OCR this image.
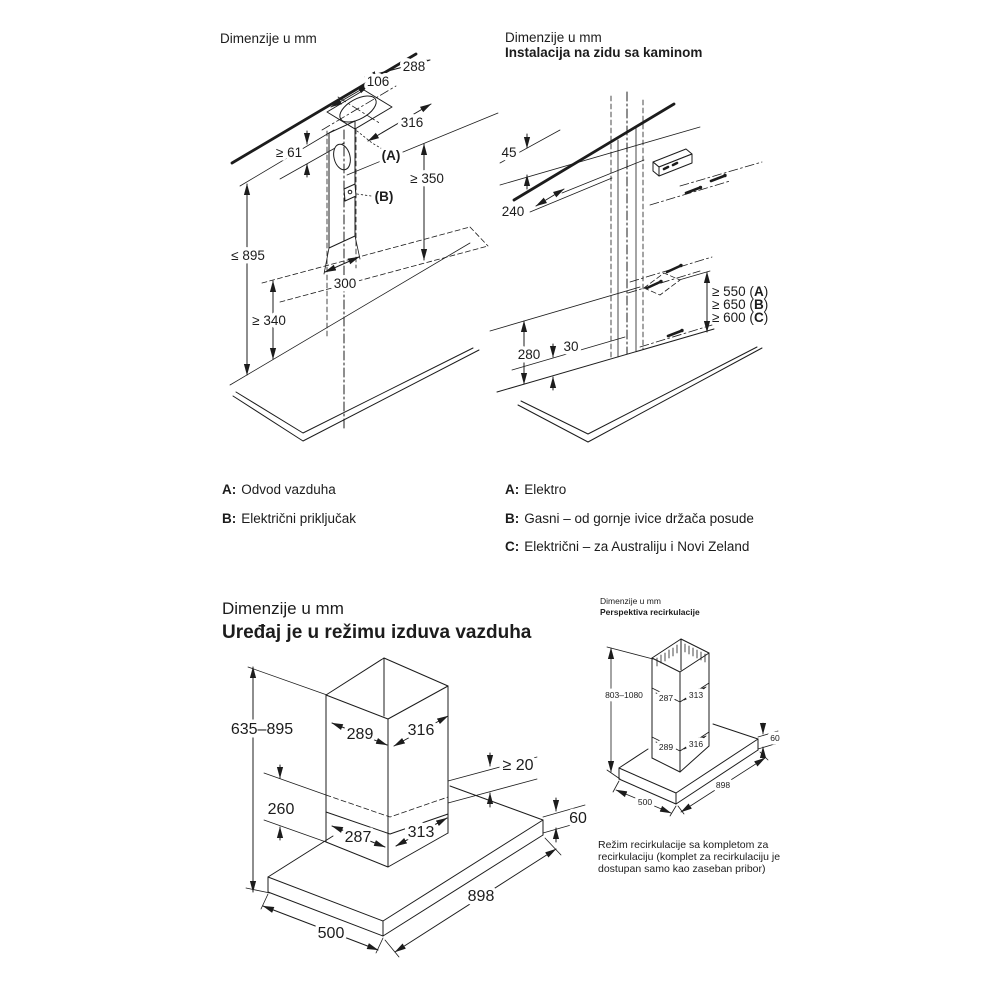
Dimenzije u mm
288
106
316
≥ 61	(A)
(B)
≥ 350
≤ 895
≥ 340
300
Dimenzije u mm
Instalacija na zidu sa kaminom
45
240
280
30
≥ 550 (A)
≥ 650 (B)
≥ 600 (C)
A: Odvod vazduha
B: Električni priključak
A: Elektro
B: Gasni – od gornje ivice držača posude
C: Električni – za Australiju i Novi Zeland
Dimenzije u mm
Uređaj je u režimu izduva vazduha
635–895	289 316
≥ 20
260
287 313
60
898
500
Dimenzije u mm
Perspektiva recirkulacije
803–1080 287 313
289 316
60
898
500
Režim recirkulacije sa kompletom za
recirkulaciju (komplet za recirkulaciju je
dostupan samo kao zaseban pribor)
